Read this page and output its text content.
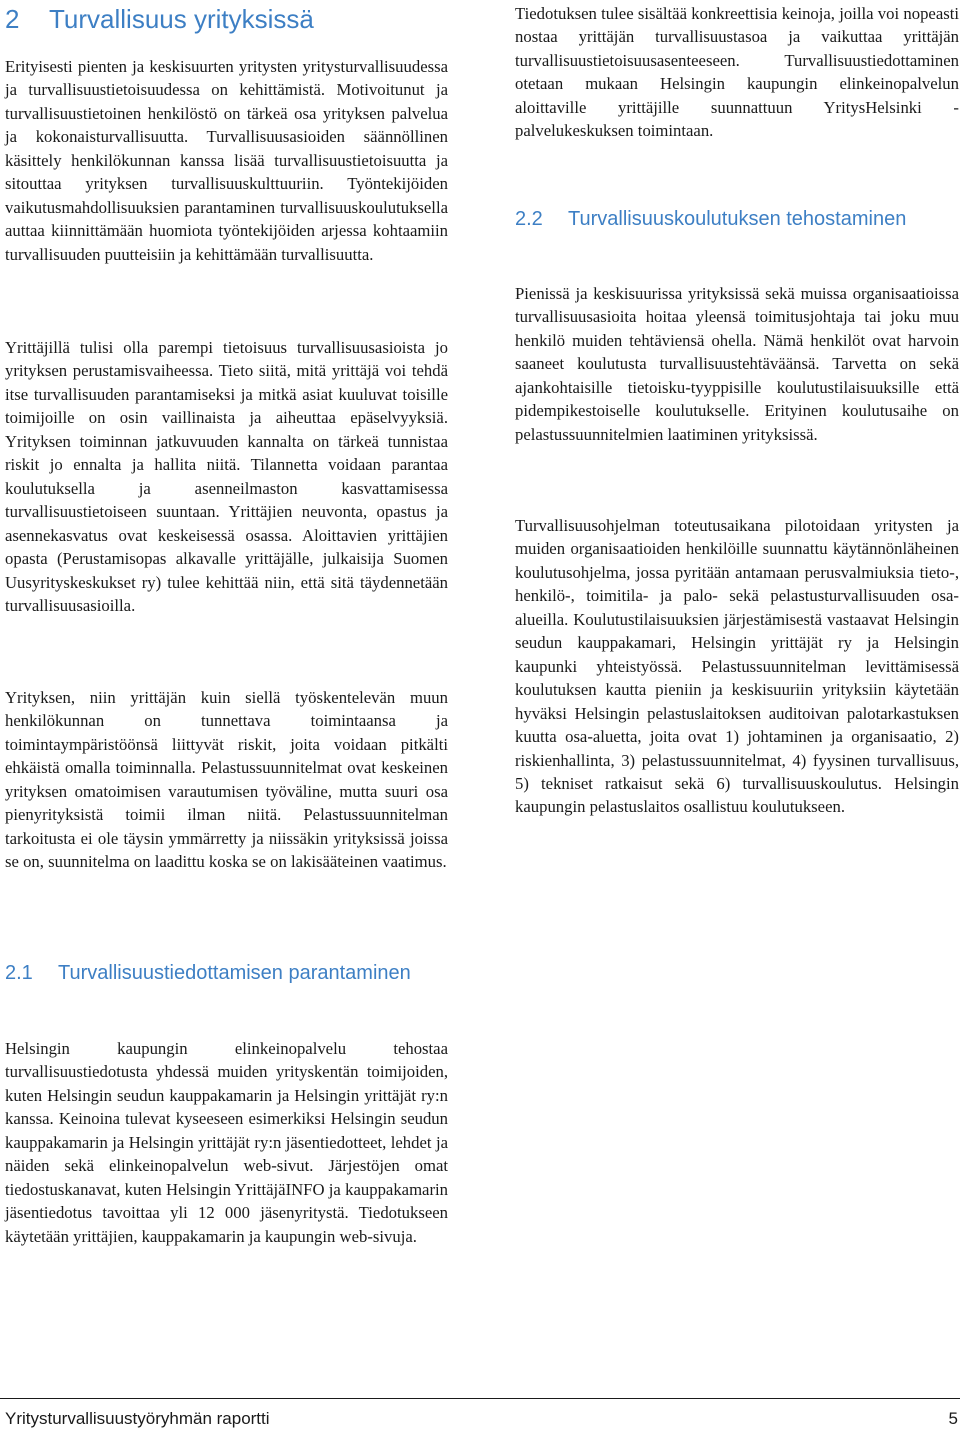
2 Turvallisuus yrityksissä

Erityisesti pienten ja keskisuurten yritysten yritysturvallisuudessa ja turvallisuustietoisuudessa on kehittämistä. Motivoitunut ja turvallisuustietoinen henkilöstö on tärkeä osa yrityksen palvelua ja kokonaisturvallisuutta. Turvallisuusasioiden säännöllinen käsittely henkilökunnan kanssa lisää turvallisuustietoisuutta ja sitouttaa yrityksen turvallisuuskulttuuriin. Työntekijöiden vaikutusmahdollisuuksien parantaminen turvallisuuskoulutuksella auttaa kiinnittämään huomiota työntekijöiden arjessa kohtaamiin turvallisuuden puutteisiin ja kehittämään turvallisuutta.

Yrittäjillä tulisi olla parempi tietoisuus turvallisuusasioista jo yrityksen perustamisvaiheessa. Tieto siitä, mitä yrittäjä voi tehdä itse turvallisuuden parantamiseksi ja mitkä asiat kuuluvat toisille toimijoille on osin vaillinaista ja aiheuttaa epäselvyyksiä. Yrityksen toiminnan jatkuvuuden kannalta on tärkeä tunnistaa riskit jo ennalta ja hallita niitä. Tilannetta voidaan parantaa koulutuksella ja asenneilmaston kasvattamisessa turvallisuustietoiseen suuntaan. Yrittäjien neuvonta, opastus ja asennekasvatus ovat keskeisessä osassa. Aloittavien yrittäjien opasta (Perustamisopas alkavalle yrittäjälle, julkaisija Suomen Uusyrityskeskukset ry) tulee kehittää niin, että sitä täydennetään turvallisuusasioilla.

Yrityksen, niin yrittäjän kuin siellä työskentelevän muun henkilökunnan on tunnettava toimintaansa ja toimintaympäristöönsä liittyvät riskit, joita voidaan pitkälti ehkäistä omalla toiminnalla. Pelastussuunnitelmat ovat keskeinen yrityksen omatoimisen varautumisen työväline, mutta suuri osa pienyrityksistä toimii ilman niitä. Pelastussuunnitelman tarkoitusta ei ole täysin ymmärretty ja niissäkin yrityksissä joissa se on, suunnitelma on laadittu koska se on lakisääteinen vaatimus.

2.1	Turvallisuustiedottamisen parantaminen

Helsingin kaupungin elinkeinopalvelu tehostaa turvallisuustiedotusta yhdessä muiden yrityskentän toimijoiden, kuten Helsingin seudun kauppakamarin ja Helsingin yrittäjät ry:n kanssa. Keinoina tulevat kyseeseen esimerkiksi Helsingin seudun kauppakamarin ja Helsingin yrittäjät ry:n jäsentiedotteet, lehdet ja näiden sekä elinkeinopalvelun web-sivut. Järjestöjen omat tiedostuskanavat, kuten Helsingin YrittäjäINFO ja kauppakamarin jäsentiedotus tavoittaa yli 12 000 jäsenyritystä. Tiedotukseen käytetään yrittäjien, kauppakamarin ja kaupungin web-sivuja.

Tiedotuksen tulee sisältää konkreettisia keinoja, joilla voi nopeasti nostaa yrittäjän turvallisuustasoa ja vaikuttaa yrittäjän turvallisuustietoisuusasenteeseen. Turvallisuustiedottaminen otetaan mukaan Helsingin kaupungin elinkeinopalvelun aloittaville yrittäjille suunnattuun YritysHelsinki -palvelukeskuksen toimintaan.

2.2	Turvallisuuskoulutuksen tehostaminen

Pienissä ja keskisuurissa yrityksissä sekä muissa organisaatioissa turvallisuusasioita hoitaa yleensä toimitusjohtaja tai joku muu henkilö muiden tehtäviensä ohella. Nämä henkilöt ovat harvoin saaneet koulutusta turvallisuustehtäväänsä. Tarvetta on sekä ajankohtaisille tietoisku-tyyppisille koulutustilaisuuksille että pidempikestoiselle koulutukselle. Erityinen koulutusaihe on pelastussuunnitelmien laatiminen yrityksissä.

Turvallisuusohjelman toteutusaikana pilotoidaan yritysten ja muiden organisaatioiden henkilöille suunnattu käytännönläheinen koulutusohjelma, jossa pyritään antamaan perusvalmiuksia tieto-, henkilö-, toimitila- ja palo- sekä pelastusturvallisuuden osa-alueilla. Koulutustilaisuuksien järjestämisestä vastaavat Helsingin seudun kauppakamari, Helsingin yrittäjät ry ja Helsingin kaupunki yhteistyössä. Pelastussuunnitelman levittämisessä koulutuksen kautta pieniin ja keskisuuriin yrityksiin käytetään hyväksi Helsingin pelastuslaitoksen auditoivan palotarkastuksen kuutta osa-aluetta, joita ovat 1) johtaminen ja organisaatio, 2) riskienhallinta, 3) pelastussuunnitelmat, 4) fyysinen turvallisuus, 5) tekniset ratkaisut sekä 6) turvallisuuskoulutus. Helsingin kaupungin pelastuslaitos osallistuu koulutukseen.

Yritysturvallisuustyöryhmän raportti	5
